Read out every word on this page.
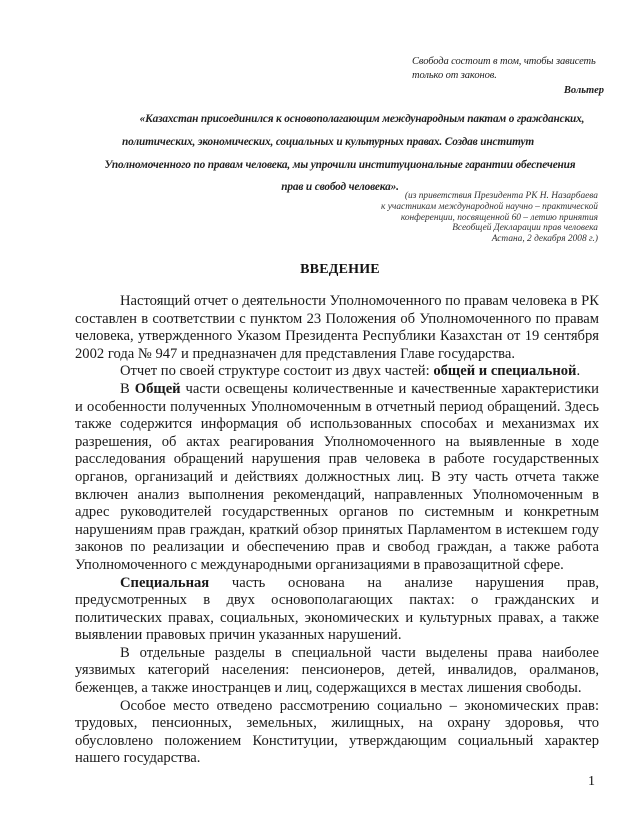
Свобода состоит в том, чтобы зависеть только от законов.
Вольтер
«Казахстан присоединился к основополагающим международным пактам о гражданских,
политических, экономических, социальных и культурных правах. Создав институт
Уполномоченного по правам человека, мы упрочили институциональные гарантии обеспечения
прав и свобод человека».
(из приветствия Президента РК Н. Назарбаева
к участникам международной научно – практической
конференции, посвященной 60 – летию принятия
Всеобщей Декларации прав человека
Астана, 2 декабря 2008 г.)
ВВЕДЕНИЕ

Настоящий отчет о деятельности Уполномоченного по правам человека в РК составлен в соответствии с пунктом 23 Положения об Уполномоченного по правам человека, утвержденного Указом Президента Республики Казахстан от 19 сентября 2002 года № 947 и предназначен для представления Главе государства.

Отчет по своей структуре состоит из двух частей: общей и специальной.

В Общей части освещены количественные и качественные характеристики и особенности полученных Уполномоченным в отчетный период обращений. Здесь также содержится информация об использованных способах и механизмах их разрешения, об актах реагирования Уполномоченного на выявленные в ходе расследования обращений нарушения прав человека в работе государственных органов, организаций и действиях должностных лиц. В эту часть отчета также включен анализ выполнения рекомендаций, направленных Уполномоченным в адрес руководителей государственных органов по системным и конкретным нарушениям прав граждан, краткий обзор принятых Парламентом в истекшем году законов по реализации и обеспечению прав и свобод граждан, а также работа Уполномоченного с международными организациями в правозащитной сфере.

Специальная часть основана на анализе нарушения прав, предусмотренных в двух основополагающих пактах: о гражданских и политических правах, социальных, экономических и культурных правах, а также выявлении правовых причин указанных нарушений.

В отдельные разделы в специальной части выделены права наиболее уязвимых категорий населения: пенсионеров, детей, инвалидов, оралманов, беженцев, а также иностранцев и лиц, содержащихся в местах лишения свободы.

Особое место отведено рассмотрению социально – экономических прав: трудовых, пенсионных, земельных, жилищных, на охрану здоровья, что обусловлено положением Конституции, утверждающим социальный характер нашего государства.

1
